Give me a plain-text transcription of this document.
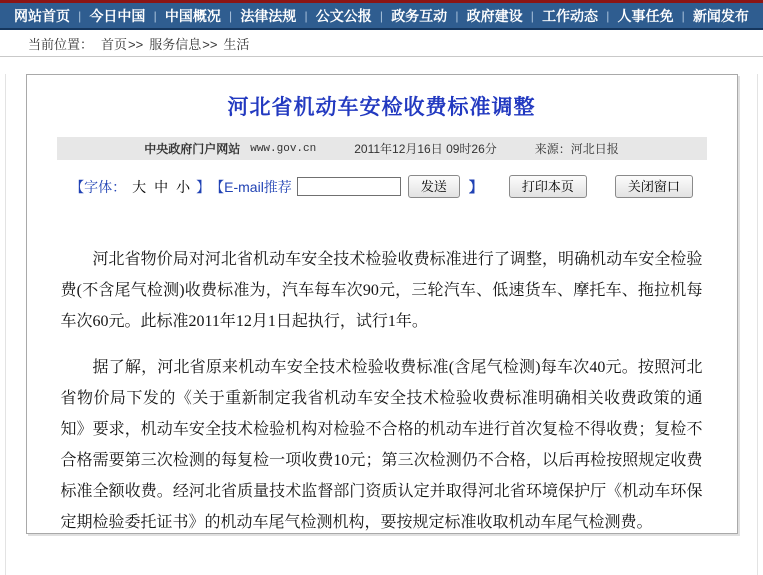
网站首页 | 今日中国 | 中国概况 | 法律法规 | 公文公报 | 政务互动 | 政府建设 | 工作动态 | 人事任免 | 新闻发布
当前位置： 首页>> 服务信息>> 生活
河北省机动车安检收费标准调整
中央政府门户网站 www.gov.cn	2011年12月16日 09时26分	来源：河北日报
【字体： 大 中 小 】 【E-mail推荐	发送	】	打印本页	关闭窗口

河北省物价局对河北省机动车安全技术检验收费标准进行了调整，明确机动车安全检验费(不含尾气检测)收费标准为，汽车每车次90元，三轮汽车、低速货车、摩托车、拖拉机每车次60元。此标准2011年12月1日起执行，试行1年。

据了解，河北省原来机动车安全技术检验收费标准(含尾气检测)每车次40元。按照河北省物价局下发的《关于重新制定我省机动车安全技术检验收费标准明确相关收费政策的通知》要求，机动车安全技术检验机构对检验不合格的机动车进行首次复检不得收费；复检不合格需要第三次检测的每复检一项收费10元；第三次检测仍不合格，以后再检按照规定收费标准全额收费。经河北省质量技术监督部门资质认定并取得河北省环境保护厅《机动车环保定期检验委托证书》的机动车尾气检测机构，要按规定标准收取机动车尾气检测费。
